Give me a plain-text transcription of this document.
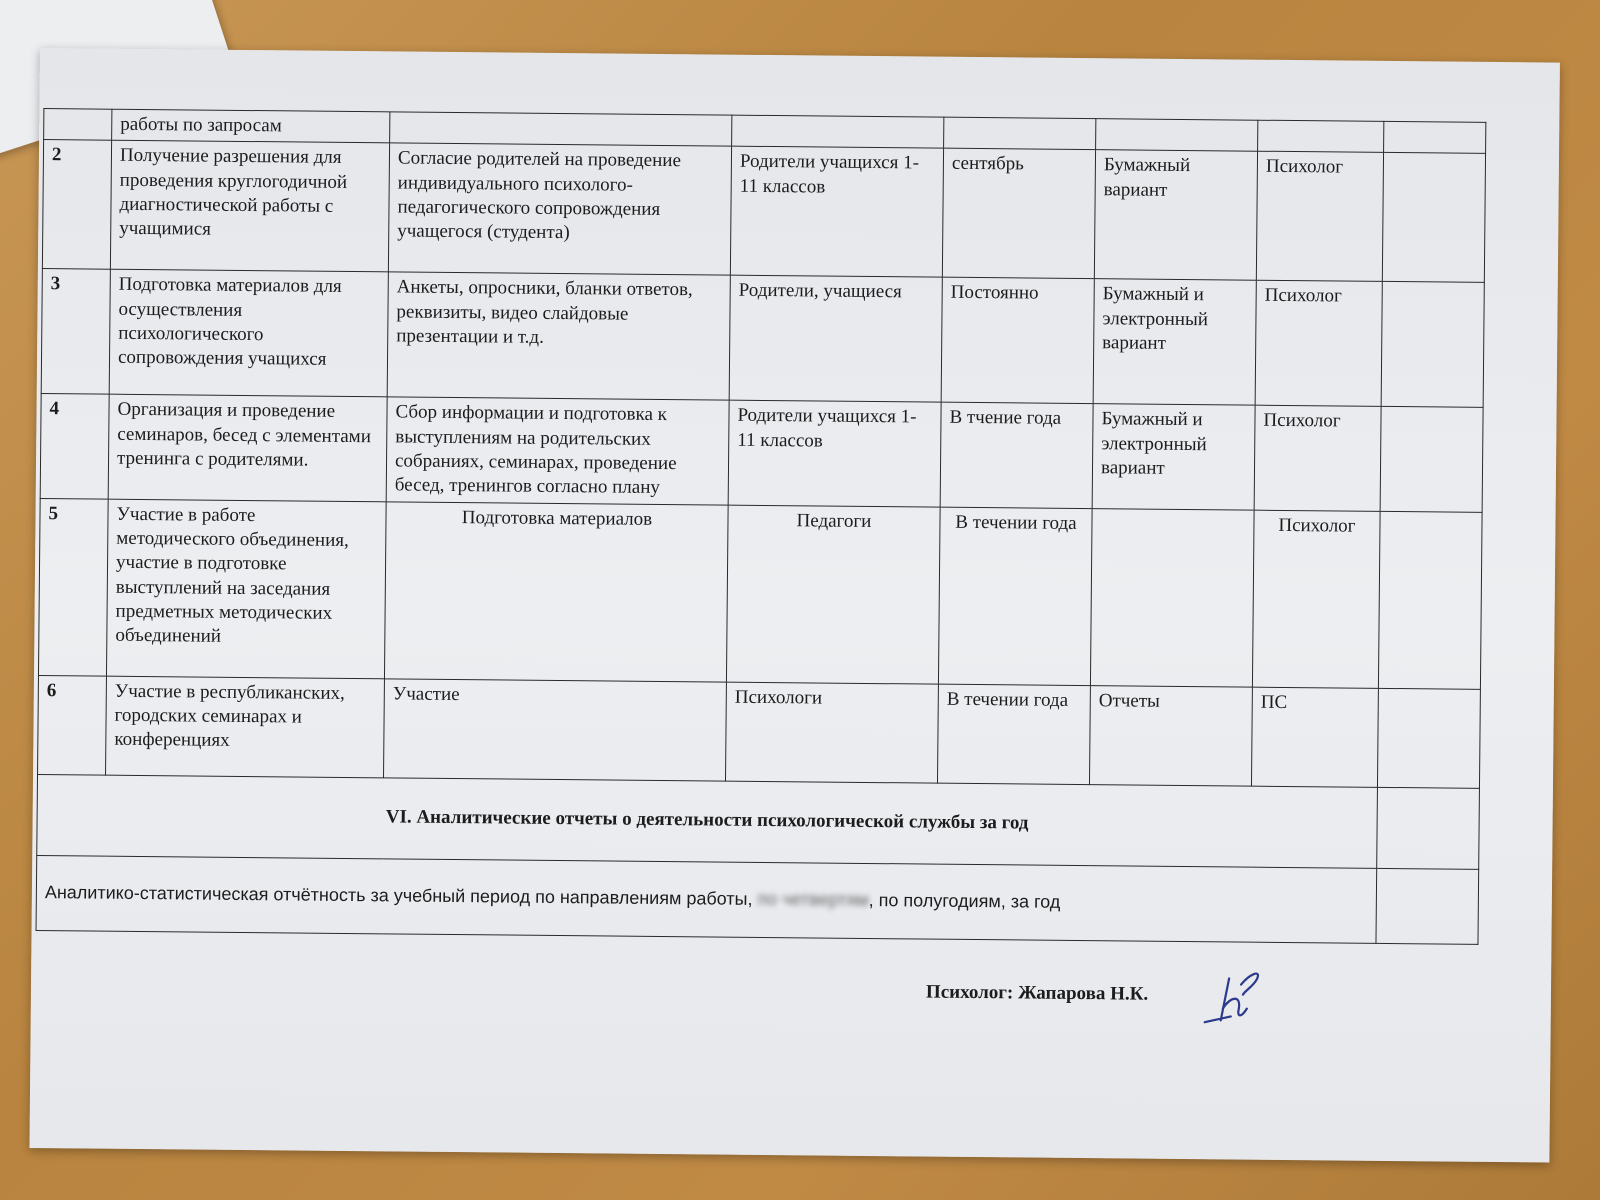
	работы по запросам						
2	Получение разрешения для проведения круглогодичной диагностической работы с учащимися	Согласие родителей на проведение индивидуального психолого-педагогического сопровождения учащегося (студента)	Родители учащихся 1-11 классов	сентябрь	Бумажный вариант	Психолог	
3	Подготовка материалов для осуществления психологического сопровождения учащихся	Анкеты, опросники, бланки ответов, реквизиты, видео слайдовые презентации и т.д.	Родители, учащиеся	Постоянно	Бумажный и электронный вариант	Психолог	
4	Организация и проведение семинаров, бесед с элементами тренинга с родителями.	Сбор информации и подготовка к выступлениям на родительских собраниях, семинарах, проведение бесед, тренингов согласно плану	Родители учащихся 1-11 классов	В тчение года	Бумажный и электронный вариант	Психолог	
5	Участие в работе методического объединения, участие в подготовке выступлений на заседания предметных методических объединений	Подготовка материалов	Педагоги	В течении года		Психолог	
6	Участие в республиканских, городских семинарах и конференциях	Участие	Психологи	В течении года	Отчеты	ПС	
VI. Аналитические отчеты о деятельности психологической службы за год							
Аналитико-статистическая отчётность за учебный период по направлениям работы, по четвертям, по полугодиям, за год							
Психолог: Жапарова Н.К.
